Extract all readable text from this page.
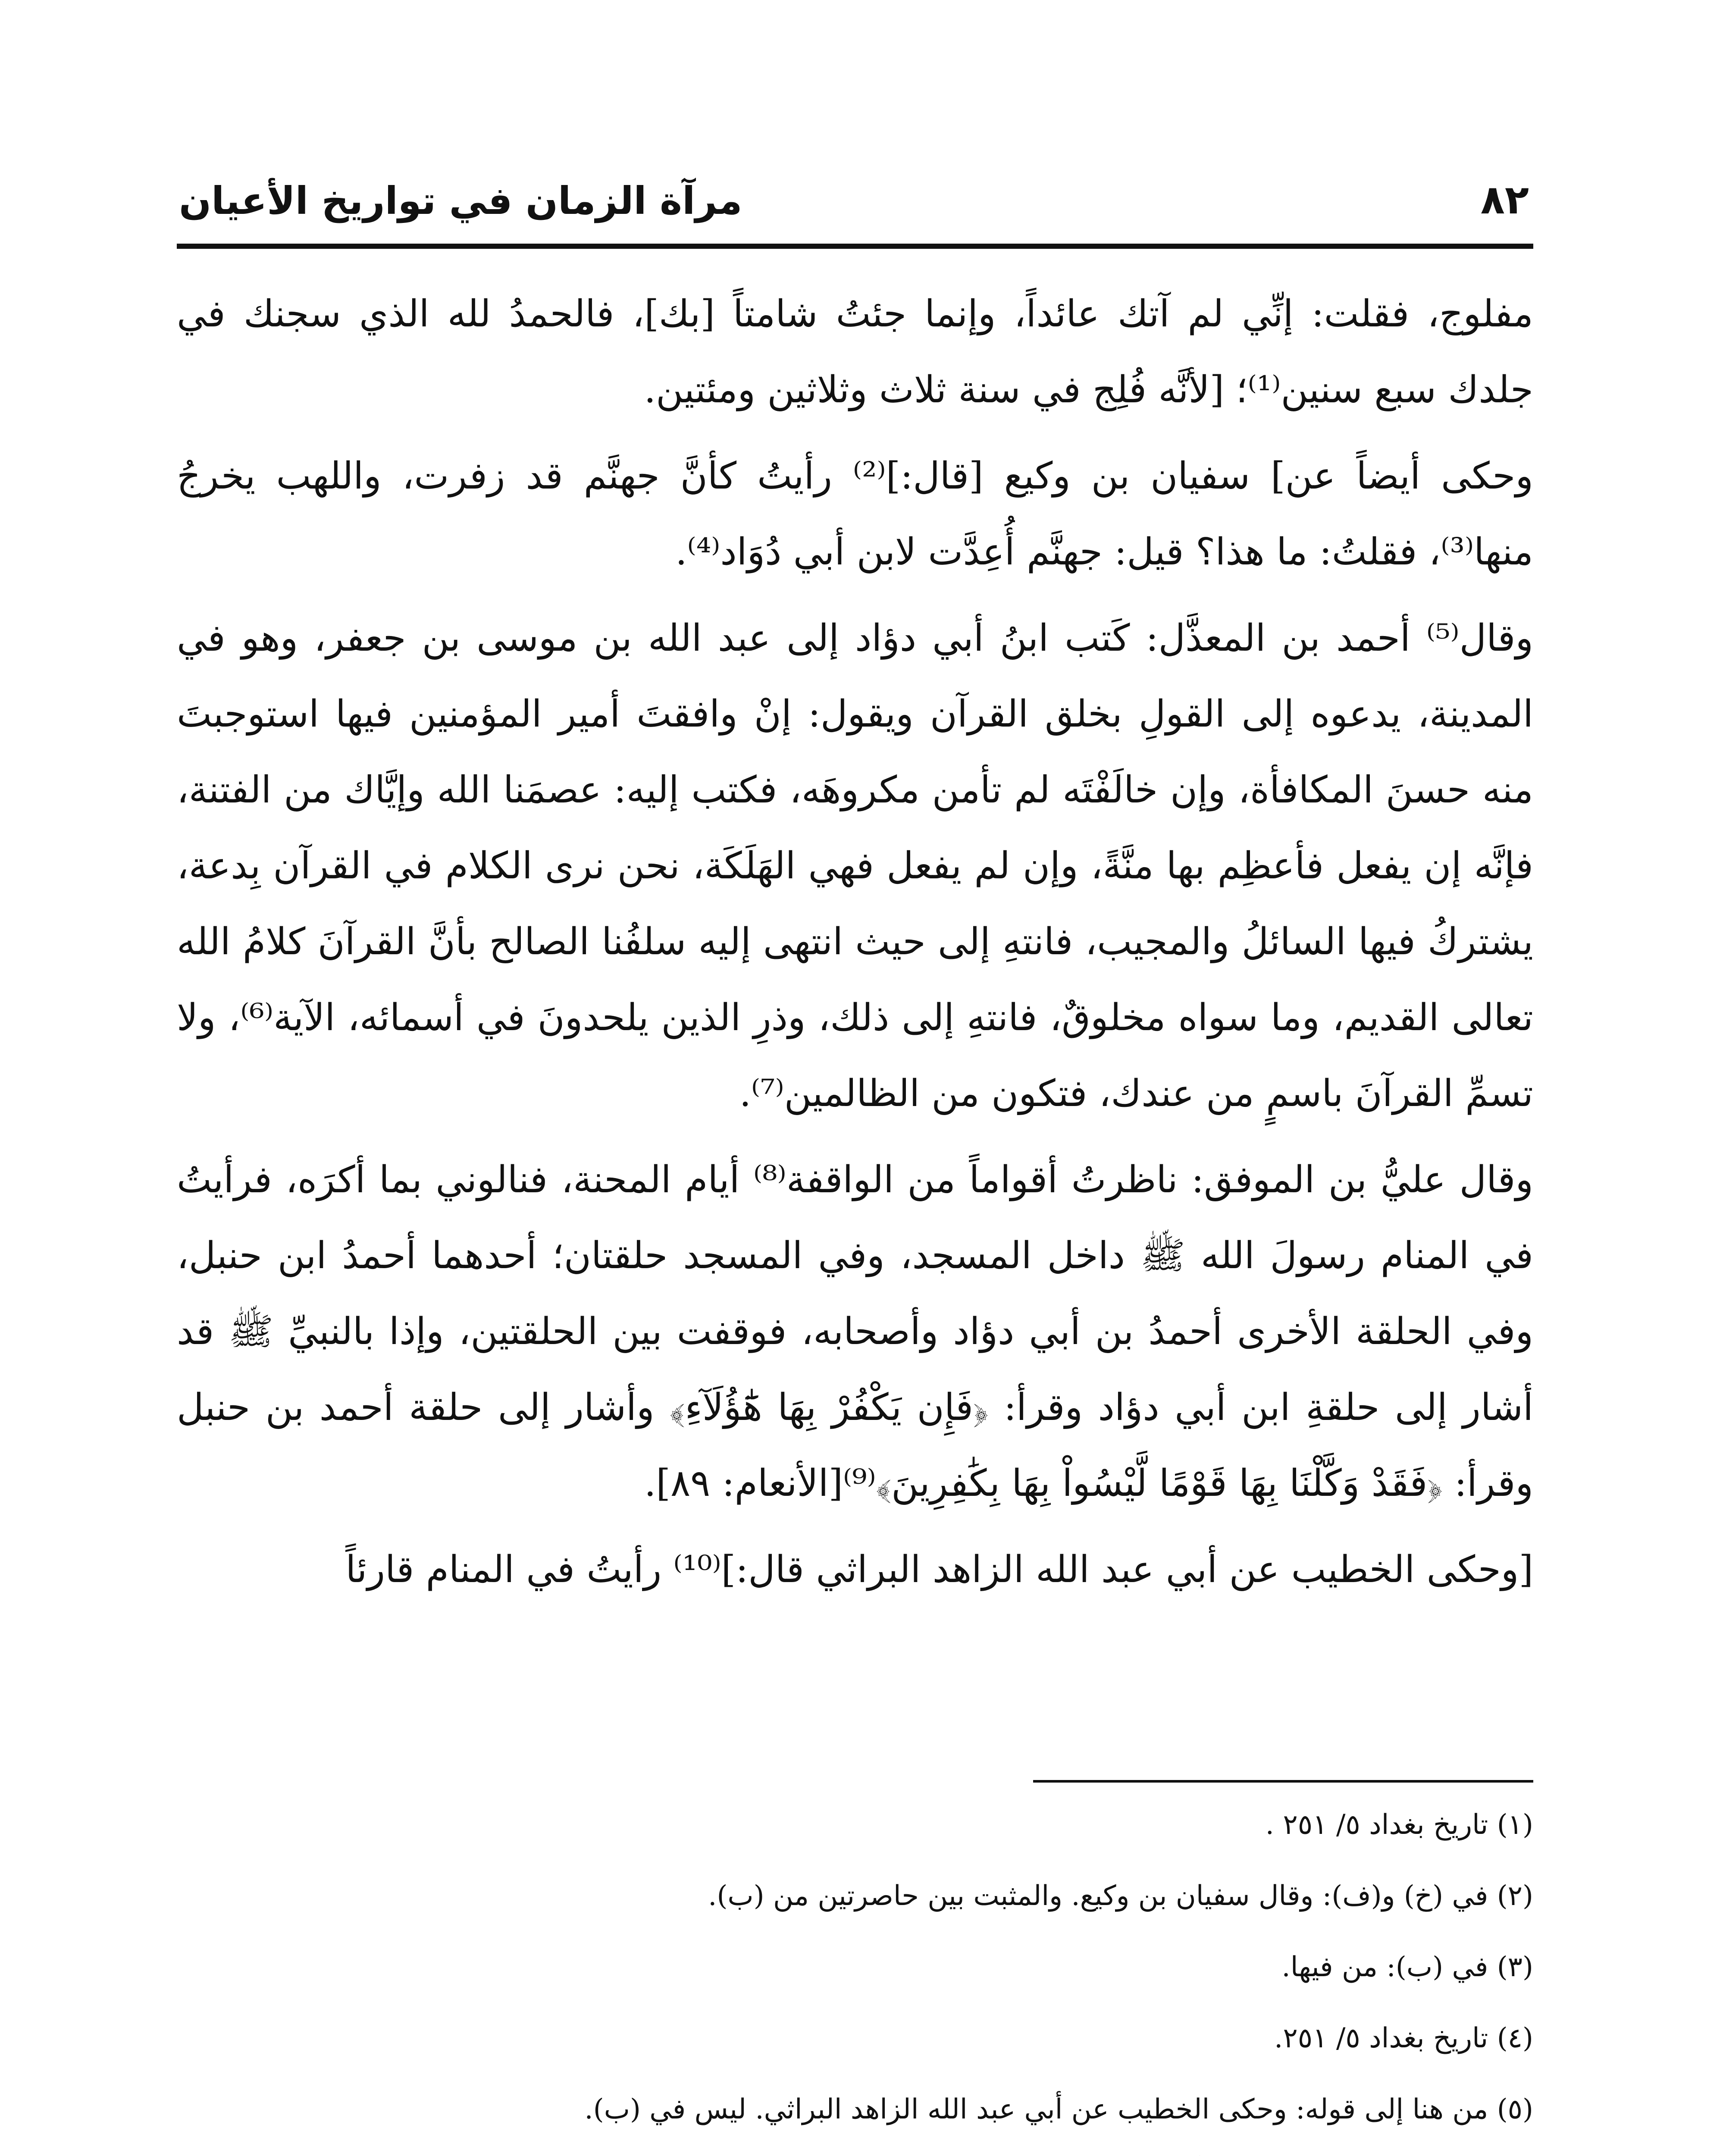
٨٢
مرآة الزمان في تواريخ الأعيان

مفلوج، فقلت: إنِّي لم آتك عائداً، وإنما جئتُ شامتاً [بك]، فالحمدُ لله الذي سجنك في جلدك سبع سنين⁽¹⁾؛ [لأنَّه فُلِج في سنة ثلاث وثلاثين ومئتين.

وحكى أيضاً عن] سفيان بن وكيع [قال:]⁽²⁾ رأيتُ كأنَّ جهنَّم قد زفرت، واللهب يخرجُ منها⁽³⁾، فقلتُ: ما هذا؟ قيل: جهنَّم أُعِدَّت لابن أبي دُوَاد⁽⁴⁾.

وقال⁽⁵⁾ أحمد بن المعذَّل: كَتب ابنُ أبي دؤاد إلى عبد الله بن موسى بن جعفر، وهو في المدينة، يدعوه إلى القولِ بخلق القرآن ويقول: إنْ وافقتَ أمير المؤمنين فيها استوجبتَ منه حسنَ المكافأة، وإن خالَفْتَه لم تأمن مكروهَه، فكتب إليه: عصمَنا الله وإيَّاك من الفتنة، فإنَّه إن يفعل فأعظِم بها منَّةً، وإن لم يفعل فهي الهَلَكَة، نحن نرى الكلام في القرآن بِدعة، يشتركُ فيها السائلُ والمجيب، فانتهِ إلى حيث انتهى إليه سلفُنا الصالح بأنَّ القرآنَ كلامُ الله تعالى القديم، وما سواه مخلوقٌ، فانتهِ إلى ذلك، وذرِ الذين يلحدونَ في أسمائه، الآية⁽⁶⁾، ولا تسمِّ القرآنَ باسمٍ من عندك، فتكون من الظالمين⁽⁷⁾.

وقال عليُّ بن الموفق: ناظرتُ أقواماً من الواقفة⁽⁸⁾ أيام المحنة، فنالوني بما أكرَه، فرأيتُ في المنام رسولَ الله ﷺ داخل المسجد، وفي المسجد حلقتان؛ أحدهما أحمدُ ابن حنبل، وفي الحلقة الأخرى أحمدُ بن أبي دؤاد وأصحابه، فوقفت بين الحلقتين، وإذا بالنبيِّ ﷺ قد أشار إلى حلقةِ ابن أبي دؤاد وقرأ: ﴿فَإِن يَكْفُرْ بِهَا هَٰٓؤُلَآءِ﴾ وأشار إلى حلقة أحمد بن حنبل وقرأ: ﴿فَقَدْ وَكَّلْنَا بِهَا قَوْمًا لَّيْسُواْ بِهَا بِكَٰفِرِينَ﴾⁽⁹⁾[الأنعام: ٨٩].

[وحكى الخطيب عن أبي عبد الله الزاهد البراثي قال:]⁽¹⁰⁾ رأيتُ في المنام قارئاً

(١) تاريخ بغداد ٥/ ٢٥١ .

(٢) في (خ) و(ف): وقال سفيان بن وكيع. والمثبت بين حاصرتين من (ب).

(٣) في (ب): من فيها.

(٤) تاريخ بغداد ٥/ ٢٥١.

(٥) من هنا إلى قوله: وحكى الخطيب عن أبي عبد الله الزاهد البراثي. ليس في (ب).
